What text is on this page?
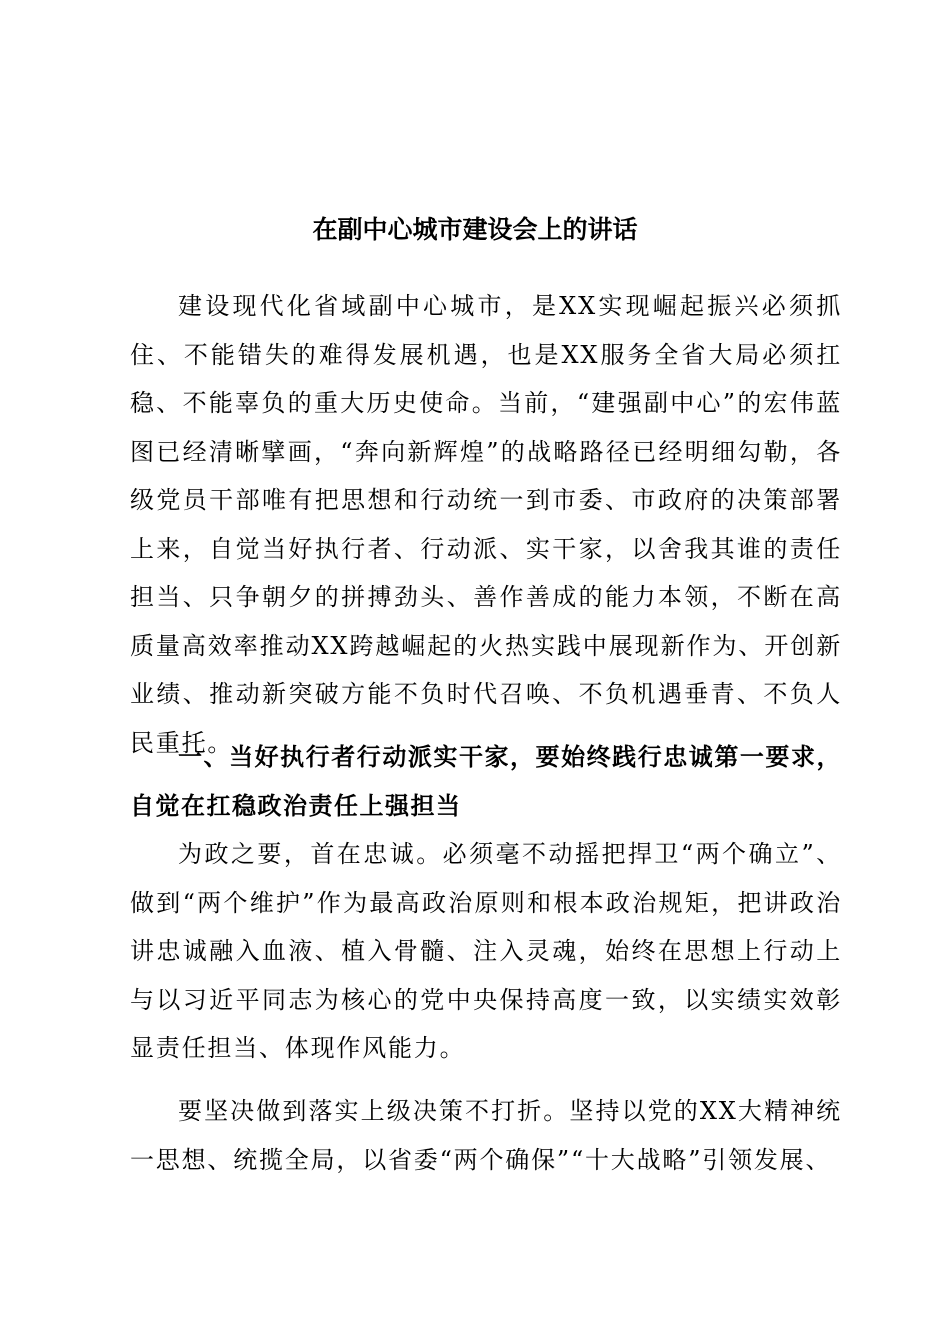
在副中心城市建设会上的讲话

建设现代化省域副中心城市，是XX实现崛起振兴必须抓住、不能错失的难得发展机遇，也是XX服务全省大局必须扛稳、不能辜负的重大历史使命。当前，“建强副中心”的宏伟蓝图已经清晰擘画，“奔向新辉煌”的战略路径已经明细勾勒，各级党员干部唯有把思想和行动统一到市委、市政府的决策部署上来，自觉当好执行者、行动派、实干家，以舍我其谁的责任担当、只争朝夕的拼搏劲头、善作善成的能力本领，不断在高质量高效率推动XX跨越崛起的火热实践中展现新作为、开创新业绩、推动新突破方能不负时代召唤、不负机遇垂青、不负人民重托。

一、当好执行者行动派实干家，要始终践行忠诚第一要求，自觉在扛稳政治责任上强担当

为政之要，首在忠诚。必须毫不动摇把捍卫“两个确立”、做到“两个维护”作为最高政治原则和根本政治规矩，把讲政治讲忠诚融入血液、植入骨髓、注入灵魂，始终在思想上行动上与以习近平同志为核心的党中央保持高度一致，以实绩实效彰显责任担当、体现作风能力。

要坚决做到落实上级决策不打折。坚持以党的XX大精神统一思想、统揽全局，以省委“两个确保”“十大战略”引领发展、
